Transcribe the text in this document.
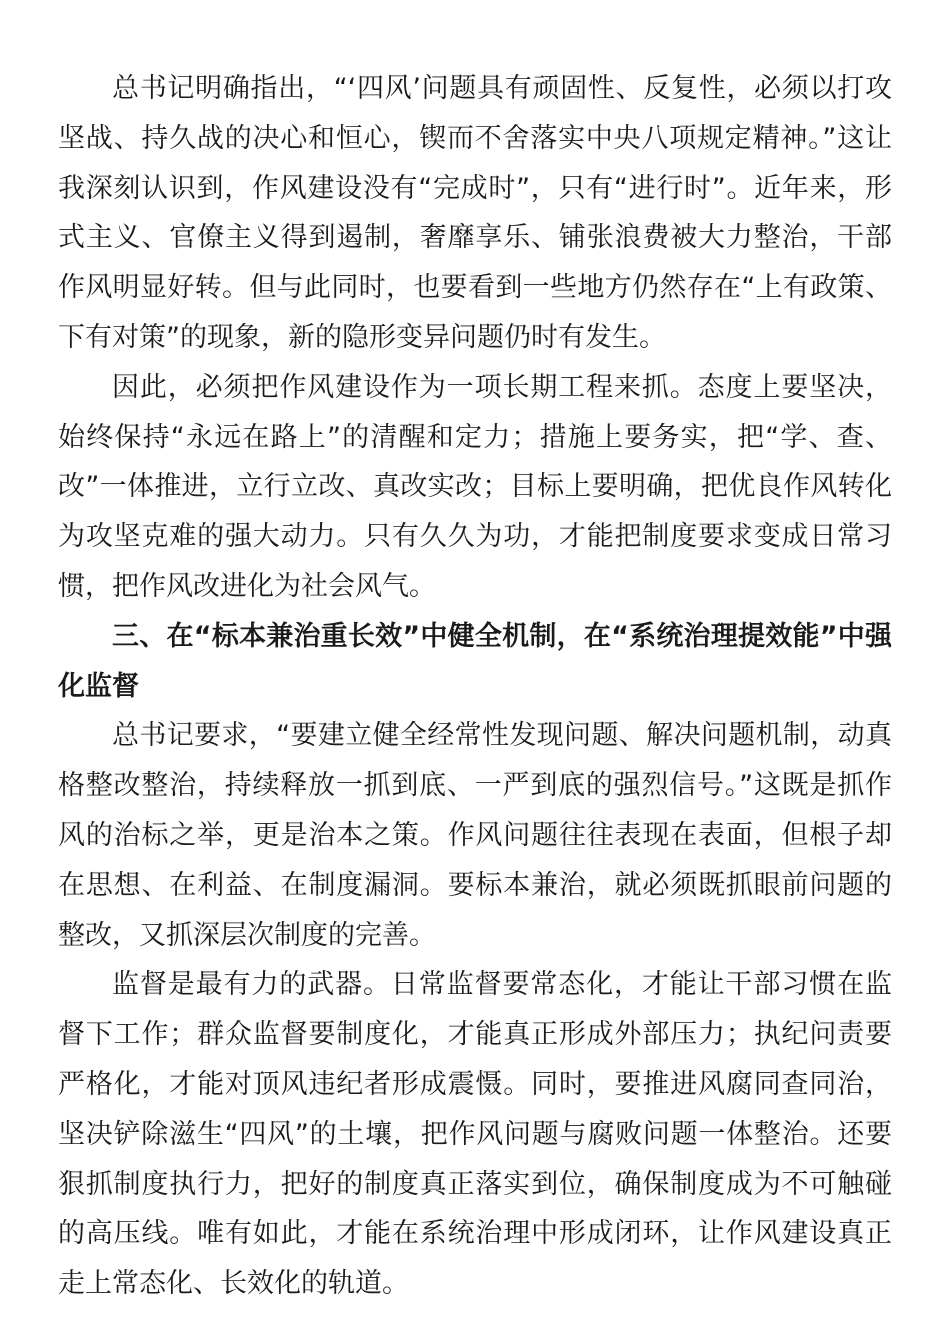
总书记明确指出，“‘四风’问题具有顽固性、反复性，必须以打攻坚战、持久战的决心和恒心，锲而不舍落实中央八项规定精神。”这让我深刻认识到，作风建设没有“完成时”，只有“进行时”。近年来，形式主义、官僚主义得到遏制，奢靡享乐、铺张浪费被大力整治，干部作风明显好转。但与此同时，也要看到一些地方仍然存在“上有政策、下有对策”的现象，新的隐形变异问题仍时有发生。

因此，必须把作风建设作为一项长期工程来抓。态度上要坚决，始终保持“永远在路上”的清醒和定力；措施上要务实，把“学、查、改”一体推进，立行立改、真改实改；目标上要明确，把优良作风转化为攻坚克难的强大动力。只有久久为功，才能把制度要求变成日常习惯，把作风改进化为社会风气。

三、在“标本兼治重长效”中健全机制，在“系统治理提效能”中强化监督

总书记要求，“要建立健全经常性发现问题、解决问题机制，动真格整改整治，持续释放一抓到底、一严到底的强烈信号。”这既是抓作风的治标之举，更是治本之策。作风问题往往表现在表面，但根子却在思想、在利益、在制度漏洞。要标本兼治，就必须既抓眼前问题的整改，又抓深层次制度的完善。

监督是最有力的武器。日常监督要常态化，才能让干部习惯在监督下工作；群众监督要制度化，才能真正形成外部压力；执纪问责要严格化，才能对顶风违纪者形成震慑。同时，要推进风腐同查同治，坚决铲除滋生“四风”的土壤，把作风问题与腐败问题一体整治。还要狠抓制度执行力，把好的制度真正落实到位，确保制度成为不可触碰的高压线。唯有如此，才能在系统治理中形成闭环，让作风建设真正走上常态化、长效化的轨道。
